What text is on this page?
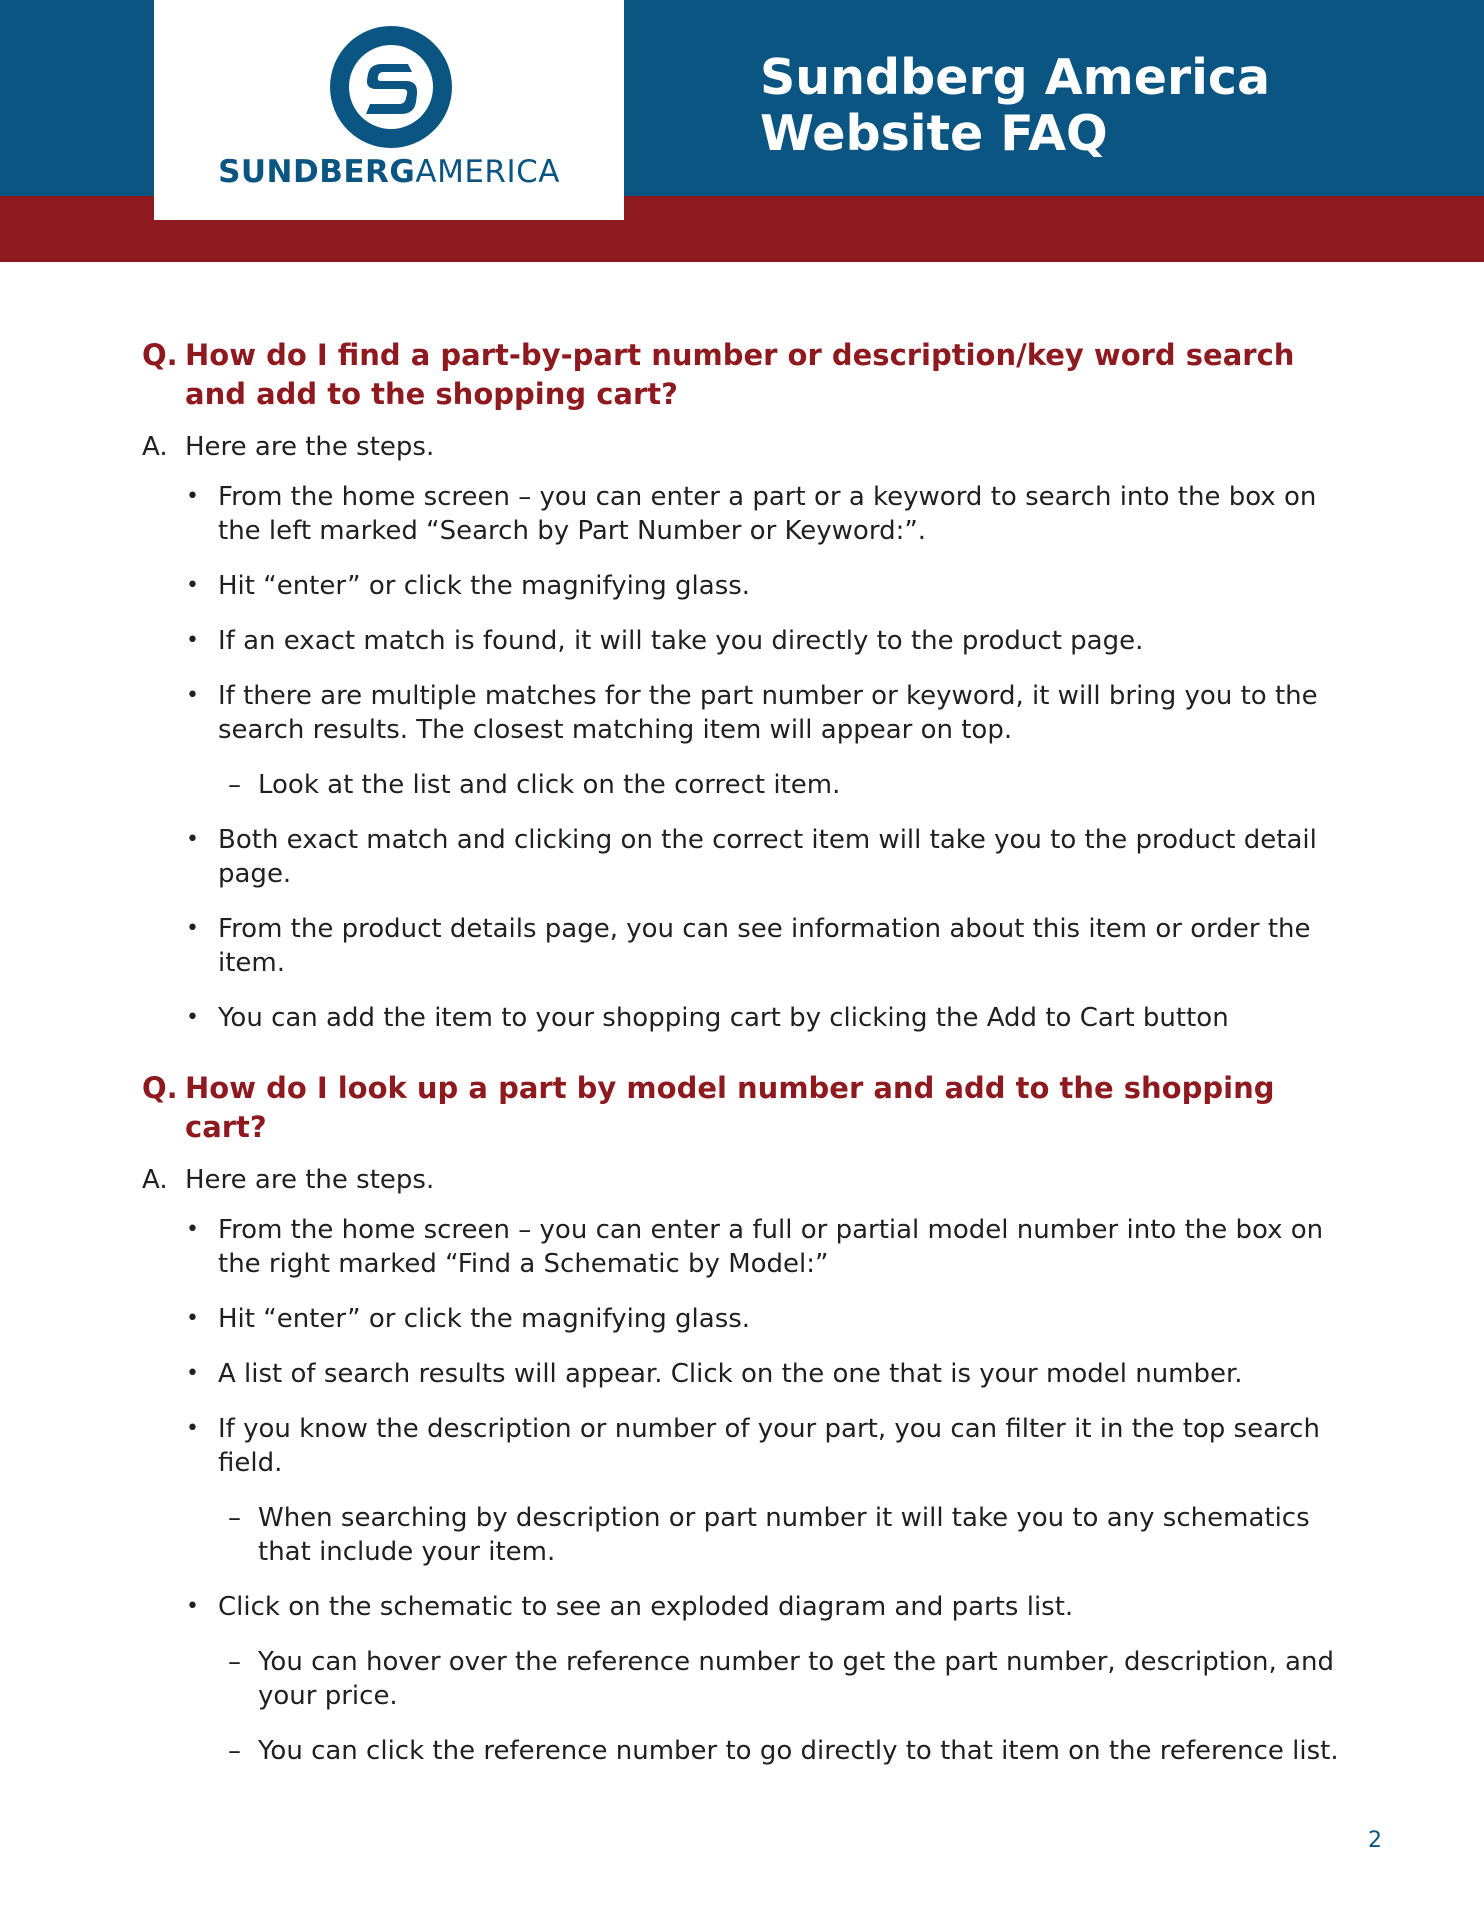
SUNDBERGAMERICA
Sundberg America
Website FAQ
Q. How do I find a part-by-part number or description/key word search and add to the shopping cart?
A. Here are the steps.
• From the home screen – you can enter a part or a keyword to search into the box on the left marked “Search by Part Number or Keyword:”.
• Hit “enter” or click the magnifying glass.
• If an exact match is found, it will take you directly to the product page.
• If there are multiple matches for the part number or keyword, it will bring you to the search results. The closest matching item will appear on top.
– Look at the list and click on the correct item.
• Both exact match and clicking on the correct item will take you to the product detail page.
• From the product details page, you can see information about this item or order the item.
• You can add the item to your shopping cart by clicking the Add to Cart button
Q. How do I look up a part by model number and add to the shopping cart?
A. Here are the steps.
• From the home screen – you can enter a full or partial model number into the box on the right marked “Find a Schematic by Model:”
• Hit “enter” or click the magnifying glass.
• A list of search results will appear. Click on the one that is your model number.
• If you know the description or number of your part, you can filter it in the top search field.
– When searching by description or part number it will take you to any schematics that include your item.
• Click on the schematic to see an exploded diagram and parts list.
– You can hover over the reference number to get the part number, description, and your price.
– You can click the reference number to go directly to that item on the reference list.
2
